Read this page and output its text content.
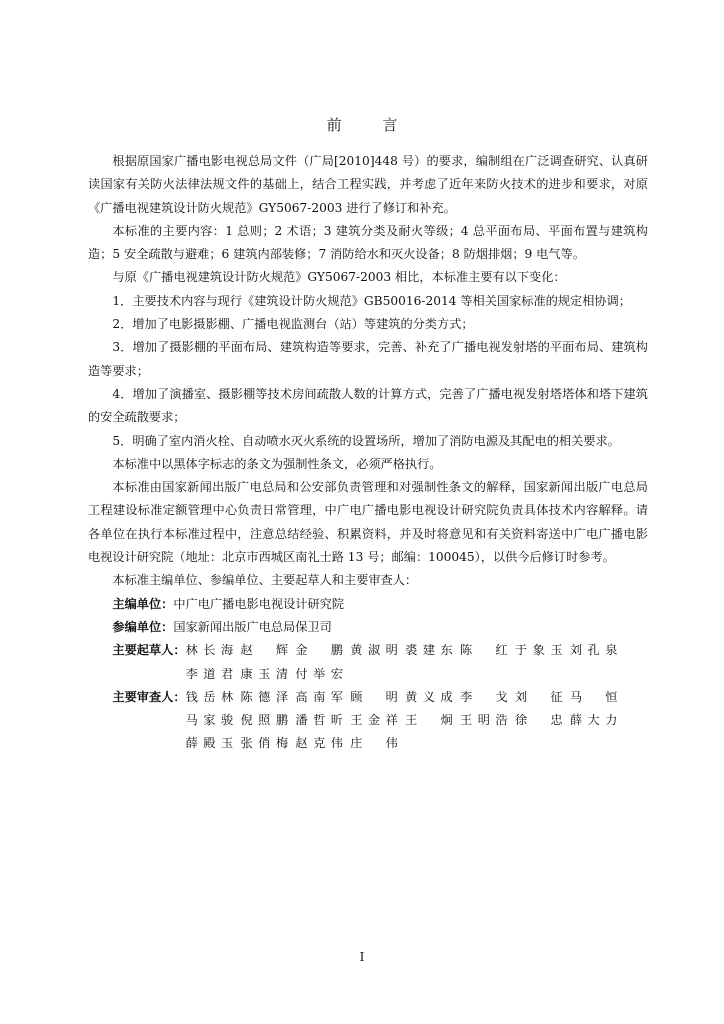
前 言

根据原国家广播电影电视总局文件（广局[2010]448 号）的要求，编制组在广泛调查研究、认真研读国家有关防火法律法规文件的基础上，结合工程实践，并考虑了近年来防火技术的进步和要求，对原《广播电视建筑设计防火规范》GY5067-2003 进行了修订和补充。

本标准的主要内容：1 总则；2 术语；3 建筑分类及耐火等级；4 总平面布局、平面布置与建筑构造；5 安全疏散与避难；6 建筑内部装修；7 消防给水和灭火设备；8 防烟排烟；9 电气等。

与原《广播电视建筑设计防火规范》GY5067-2003 相比，本标准主要有以下变化：

1．主要技术内容与现行《建筑设计防火规范》GB50016-2014 等相关国家标准的规定相协调；

2．增加了电影摄影棚、广播电视监测台（站）等建筑的分类方式；

3．增加了摄影棚的平面布局、建筑构造等要求，完善、补充了广播电视发射塔的平面布局、建筑构造等要求；

4．增加了演播室、摄影棚等技术房间疏散人数的计算方式，完善了广播电视发射塔塔体和塔下建筑的安全疏散要求；

5．明确了室内消火栓、自动喷水灭火系统的设置场所，增加了消防电源及其配电的相关要求。

本标准中以黑体字标志的条文为强制性条文，必须严格执行。

本标准由国家新闻出版广电总局和公安部负责管理和对强制性条文的解释，国家新闻出版广电总局工程建设标准定额管理中心负责日常管理，中广电广播电影电视设计研究院负责具体技术内容解释。请各单位在执行本标准过程中，注意总结经验、积累资料，并及时将意见和有关资料寄送中广电广播电影电视设计研究院（地址：北京市西城区南礼士路 13 号；邮编：100045），以供今后修订时参考。

本标准主编单位、参编单位、主要起草人和主要审查人：

主编单位： 中广电广播电影电视设计研究院
参编单位： 国家新闻出版广电总局保卫司
主要起草人： 林长海 赵　辉 金　鹏 黄淑明 裘建东 陈　红 于象玉 刘孔泉
李道君 康玉清 付举宏
主要审查人： 钱岳林 陈德泽 高南军 顾　明 黄义成 李　戈 刘　征 马　恒
马家骏 倪照鹏 潘哲昕 王金祥 王　炯 王明浩 徐　忠 薛大力
薛殿玉 张俏梅 赵克伟 庄　伟
I
